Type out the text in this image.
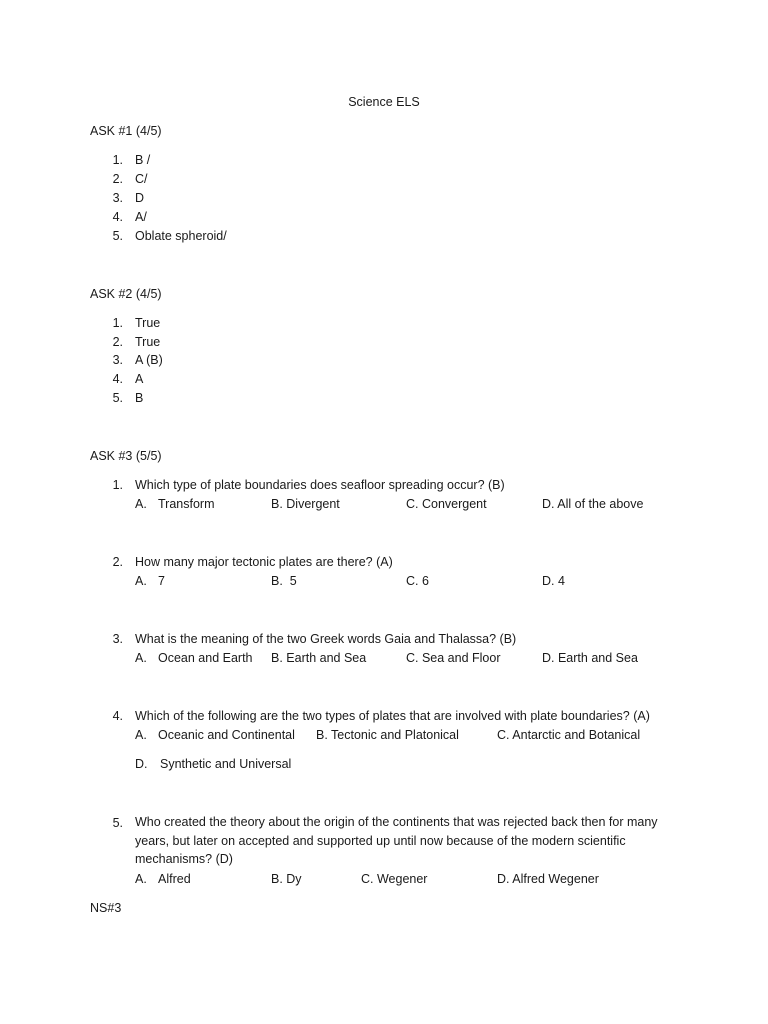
Science ELS
ASK #1 (4/5)
1. B /
2. C/
3. D
4. A/
5. Oblate spheroid/
ASK #2 (4/5)
1. True
2. True
3. A (B)
4. A
5. B
ASK #3 (5/5)
1. Which type of plate boundaries does seafloor spreading occur? (B)
A. Transform	B. Divergent	C. Convergent	D. All of the above
2. How many major tectonic plates are there? (A)
A. 7	B.  5	C. 6	D. 4
3. What is the meaning of the two Greek words Gaia and Thalassa? (B)
A. Ocean and Earth B. Earth and Sea	C. Sea and Floor	D. Earth and Sea
4. Which of the following are the two types of plates that are involved with plate boundaries? (A)
A. Oceanic and Continental B. Tectonic and Platonical	C. Antarctic and Botanical
D. Synthetic and Universal
5. Who created the theory about the origin of the continents that was rejected back then for many years, but later on accepted and supported up until now because of the modern scientific mechanisms? (D)
A. Alfred	B. Dy	C. Wegener	D. Alfred Wegener
NS#3
